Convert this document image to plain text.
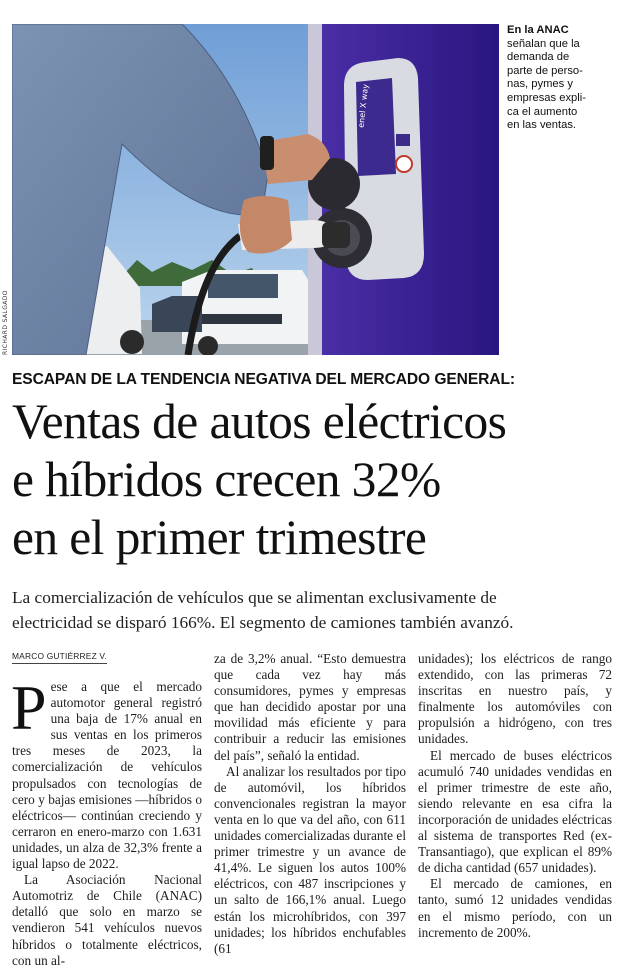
enel X way
RICHARD SALGADO
En la ANAC
señalan que la
demanda de
parte de perso-
nas, pymes y
empresas expli-
ca el aumento
en las ventas.
ESCAPAN DE LA TENDENCIA NEGATIVA DEL MERCADO GENERAL:
Ventas de autos eléctricos
e híbridos crecen 32%
en el primer trimestre
La comercialización de vehículos que se alimentan exclusivamente de
electricidad se disparó 166%. El segmento de camiones también avanzó.
MARCO GUTIÉRREZ V.

Pese a que el mercado automotor general registró una baja de 17% anual en sus ventas en los primeros tres meses de 2023, la comercialización de vehículos propulsados con tecnologías de cero y bajas emisiones —híbridos o eléctricos— continúan creciendo y cerraron en enero-marzo con 1.631 unidades, un alza de 32,3% frente a igual lapso de 2022.

La Asociación Nacional Automotriz de Chile (ANAC) detalló que solo en marzo se vendieron 541 vehículos nuevos híbridos o totalmente eléctricos, con un al-

za de 3,2% anual. “Esto demuestra que cada vez hay más consumidores, pymes y empresas que han decidido apostar por una movilidad más eficiente y para contribuir a reducir las emisiones del país”, señaló la entidad.

Al analizar los resultados por tipo de automóvil, los híbridos convencionales registran la mayor venta en lo que va del año, con 611 unidades comercializadas durante el primer trimestre y un avance de 41,4%. Le siguen los autos 100% eléctricos, con 487 inscripciones y un salto de 166,1% anual. Luego están los microhíbridos, con 397 unidades; los híbridos enchufables (61

unidades); los eléctricos de rango extendido, con las primeras 72 inscritas en nuestro país, y finalmente los automóviles con propulsión a hidrógeno, con tres unidades.

El mercado de buses eléctricos acumuló 740 unidades vendidas en el primer trimestre de este año, siendo relevante en esa cifra la incorporación de unidades eléctricas al sistema de transportes Red (ex-Transantiago), que explican el 89% de dicha cantidad (657 unidades).

El mercado de camiones, en tanto, sumó 12 unidades vendidas en el mismo período, con un incremento de 200%.
